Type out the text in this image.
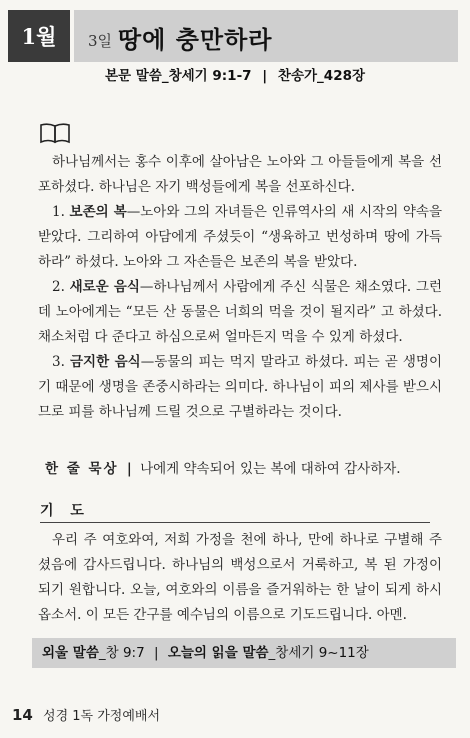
1월	3일 땅에 충만하라
본문 말씀_창세기 9:1-7 | 찬송가_428장

하나님께서는 홍수 이후에 살아남은 노아와 그 아들들에게 복을 선포하셨다. 하나님은 자기 백성들에게 복을 선포하신다.

1. 보존의 복—노아와 그의 자녀들은 인류역사의 새 시작의 약속을 받았다. 그리하여 아담에게 주셨듯이 “생육하고 번성하며 땅에 가득하라” 하셨다. 노아와 그 자손들은 보존의 복을 받았다.

2. 새로운 음식—하나님께서 사람에게 주신 식물은 채소였다. 그런데 노아에게는 “모든 산 동물은 너희의 먹을 것이 될지라” 고 하셨다. 채소처럼 다 준다고 하심으로써 얼마든지 먹을 수 있게 하셨다.

3. 금지한 음식—동물의 피는 먹지 말라고 하셨다. 피는 곧 생명이기 때문에 생명을 존중시하라는 의미다. 하나님이 피의 제사를 받으시므로 피를 하나님께 드릴 것으로 구별하라는 것이다.

한 줄 묵상 | 나에게 약속되어 있는 복에 대하여 감사하자.
기 도

우리 주 여호와여, 저희 가정을 천에 하나, 만에 하나로 구별해 주셨음에 감사드립니다. 하나님의 백성으로서 거룩하고, 복 된 가정이 되기 원합니다. 오늘, 여호와의 이름을 즐거워하는 한 날이 되게 하시옵소서. 이 모든 간구를 예수님의 이름으로 기도드립니다. 아멘.

외울 말씀_창 9:7 | 오늘의 읽을 말씀_창세기 9~11장
14 성경 1독 가정예배서
